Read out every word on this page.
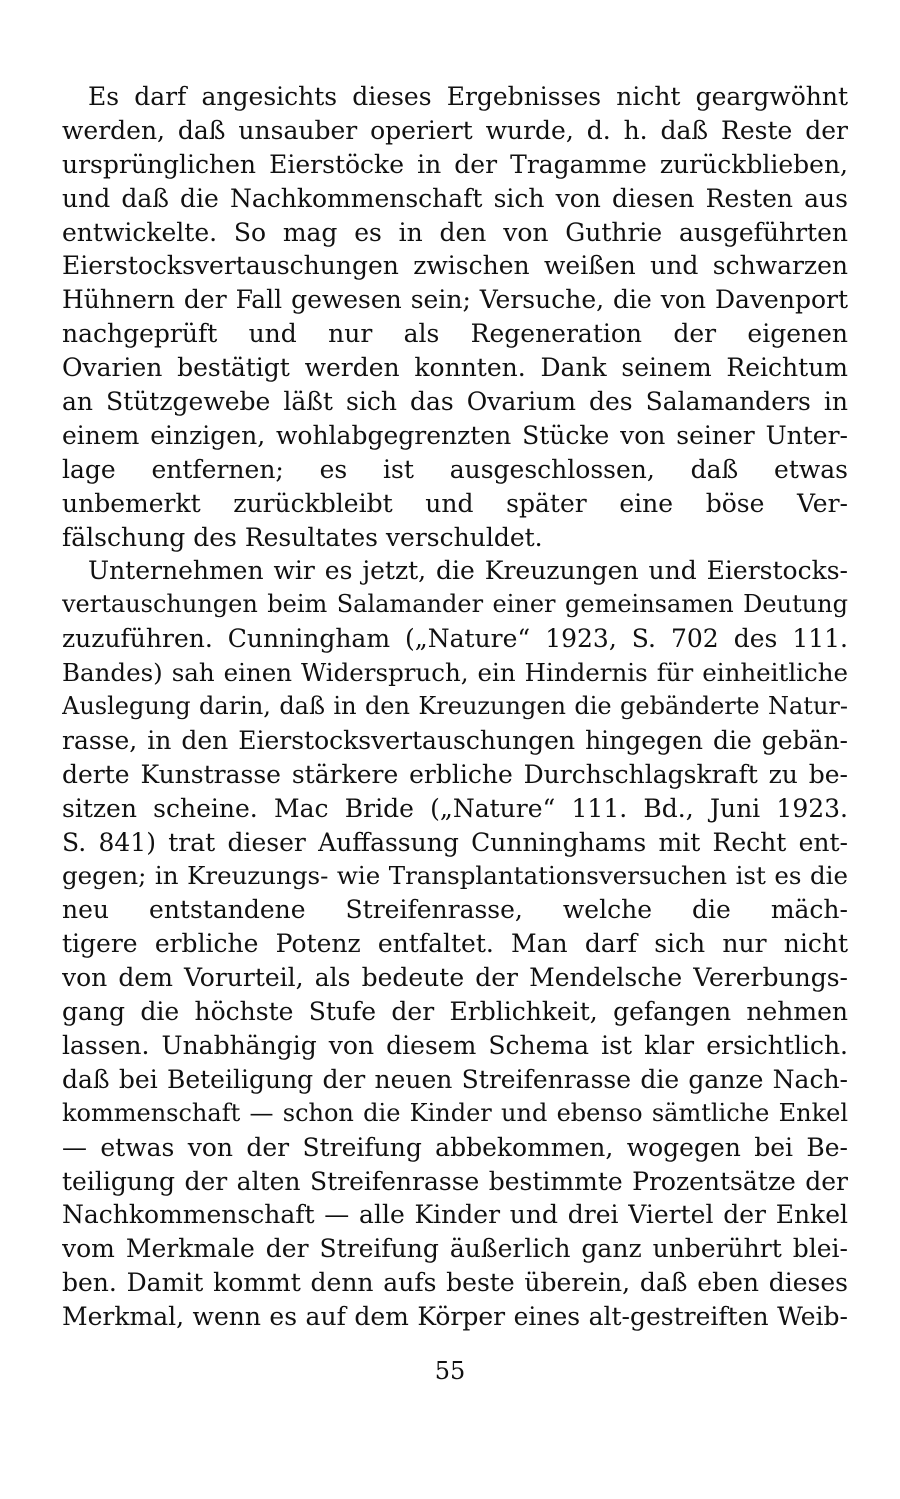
Es darf angesichts dieses Ergebnisses nicht geargwöhnt
werden, daß unsauber operiert wurde, d. h. daß Reste der
ursprünglichen Eierstöcke in der Tragamme zurückblieben,
und daß die Nachkommenschaft sich von diesen Resten aus
entwickelte. So mag es in den von Guthrie ausgeführten
Eierstocksvertauschungen zwischen weißen und schwarzen
Hühnern der Fall gewesen sein; Versuche, die von Davenport
nachgeprüft und nur als Regeneration der eigenen
Ovarien bestätigt werden konnten. Dank seinem Reichtum
an Stützgewebe läßt sich das Ovarium des Salamanders in
einem einzigen, wohlabgegrenzten Stücke von seiner Unter-
lage entfernen; es ist ausgeschlossen, daß etwas
unbemerkt zurückbleibt und später eine böse Ver-
fälschung des Resultates verschuldet.
Unternehmen wir es jetzt, die Kreuzungen und Eierstocks-
vertauschungen beim Salamander einer gemeinsamen Deutung
zuzuführen. Cunningham („Nature“ 1923, S. 702 des 111.
Bandes) sah einen Widerspruch, ein Hindernis für einheitliche
Auslegung darin, daß in den Kreuzungen die gebänderte Natur-
rasse, in den Eierstocksvertauschungen hingegen die gebän-
derte Kunstrasse stärkere erbliche Durchschlagskraft zu be-
sitzen scheine. Mac Bride („Nature“ 111. Bd., Juni 1923.
S. 841) trat dieser Auffassung Cunninghams mit Recht ent-
gegen; in Kreuzungs- wie Transplantationsversuchen ist es die
neu entstandene Streifenrasse, welche die mäch-
tigere erbliche Potenz entfaltet. Man darf sich nur nicht
von dem Vorurteil, als bedeute der Mendelsche Vererbungs-
gang die höchste Stufe der Erblichkeit, gefangen nehmen
lassen. Unabhängig von diesem Schema ist klar ersichtlich.
daß bei Beteiligung der neuen Streifenrasse die ganze Nach-
kommenschaft — schon die Kinder und ebenso sämtliche Enkel
— etwas von der Streifung abbekommen, wogegen bei Be-
teiligung der alten Streifenrasse bestimmte Prozentsätze der
Nachkommenschaft — alle Kinder und drei Viertel der Enkel
vom Merkmale der Streifung äußerlich ganz unberührt blei-
ben. Damit kommt denn aufs beste überein, daß eben dieses
Merkmal, wenn es auf dem Körper eines alt-gestreiften Weib-
55
